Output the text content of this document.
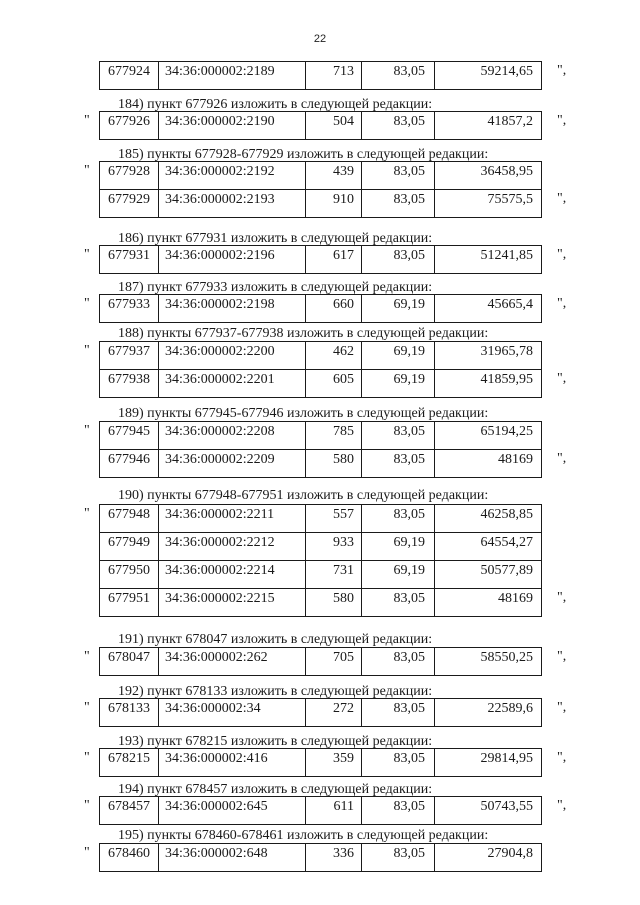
22
677924	34:36:000002:2189	713	83,05	59214,65 ",
184) пункт 677926 изложить в следующей редакции:
677926	34:36:000002:2190	504	83,05	41857,2
"	",
185) пункты 677928-677929 изложить в следующей редакции:
677928	34:36:000002:2192	439	83,05	36458,95
677929	34:36:000002:2193	910	83,05	75575,5
"
",
186) пункт 677931 изложить в следующей редакции:
677931	34:36:000002:2196	617	83,05	51241,85
"	",
187) пункт 677933 изложить в следующей редакции:
677933	34:36:000002:2198	660	69,19	45665,4
"	",
188) пункты 677937-677938 изложить в следующей редакции:
677937	34:36:000002:2200	462	69,19	31965,78
677938	34:36:000002:2201	605	69,19	41859,95
"
",
189) пункты 677945-677946 изложить в следующей редакции:
677945	34:36:000002:2208	785	83,05	65194,25
677946	34:36:000002:2209	580	83,05	48169
"
",
190) пункты 677948-677951 изложить в следующей редакции:
677948	34:36:000002:2211	557	83,05	46258,85
677949	34:36:000002:2212	933	69,19	64554,27
677950	34:36:000002:2214	731	69,19	50577,89
677951	34:36:000002:2215	580	83,05	48169
"
",
191) пункт 678047 изложить в следующей редакции:
678047	34:36:000002:262	705	83,05	58550,25
"	",
192) пункт 678133 изложить в следующей редакции:
678133	34:36:000002:34	272	83,05	22589,6
"	",
193) пункт 678215 изложить в следующей редакции:
678215	34:36:000002:416	359	83,05	29814,95
"	",
194) пункт 678457 изложить в следующей редакции:
678457	34:36:000002:645	611	83,05	50743,55
"	",
195) пункты 678460-678461 изложить в следующей редакции:
678460	34:36:000002:648	336	83,05	27904,8
"
